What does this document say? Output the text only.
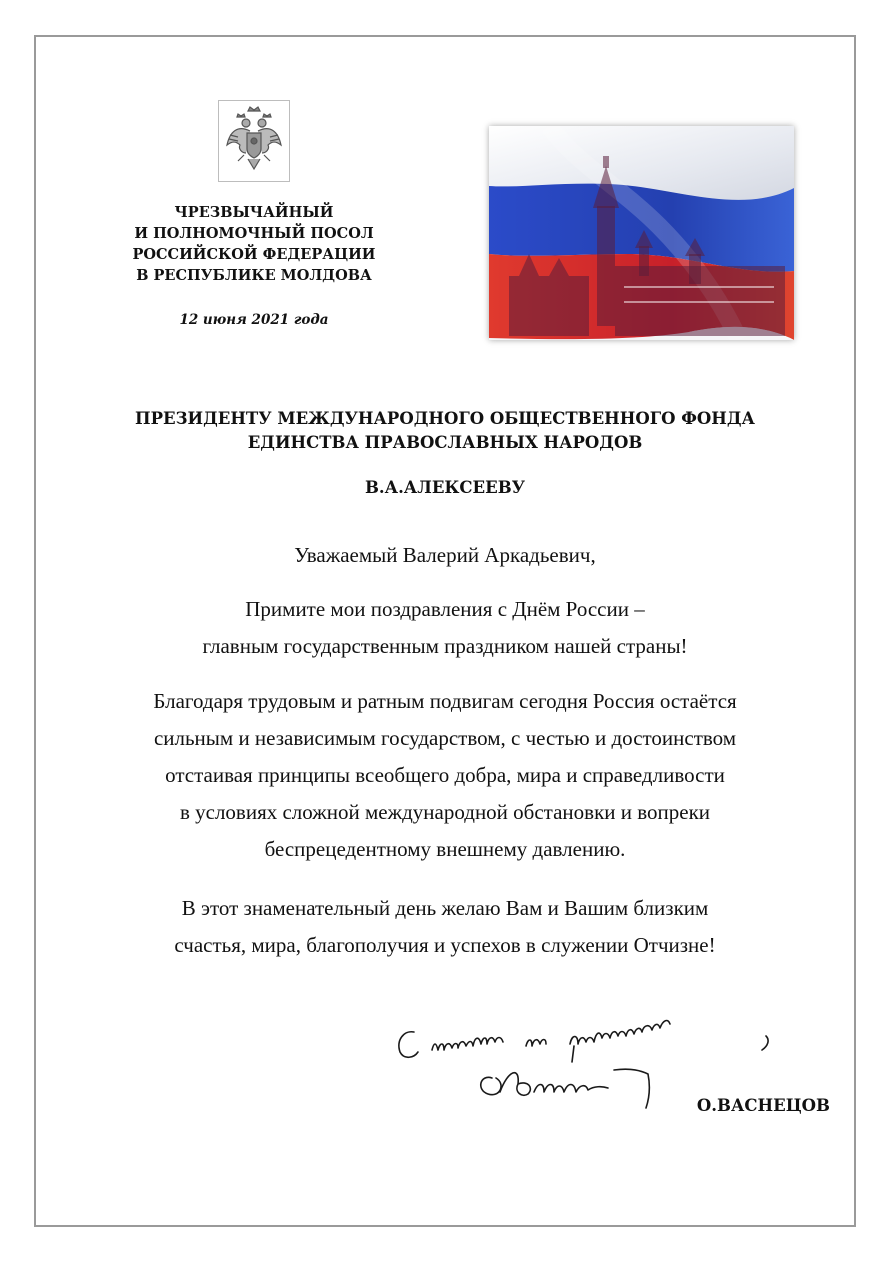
ЧРЕЗВЫЧАЙНЫЙ
И ПОЛНОМОЧНЫЙ ПОСОЛ
РОССИЙСКОЙ ФЕДЕРАЦИИ
В РЕСПУБЛИКЕ МОЛДОВА
12 июня 2021 года
ПРЕЗИДЕНТУ МЕЖДУНАРОДНОГО ОБЩЕСТВЕННОГО ФОНДА
ЕДИНСТВА ПРАВОСЛАВНЫХ НАРОДОВ
В.А.АЛЕКСЕЕВУ
Уважаемый Валерий Аркадьевич,
Примите мои поздравления с Днём России –
главным государственным праздником нашей страны!
Благодаря трудовым и ратным подвигам сегодня Россия остаётся
сильным и независимым государством, с честью и достоинством
отстаивая принципы всеобщего добра, мира и справедливости
в условиях сложной международной обстановки и вопреки
беспрецедентному внешнему давлению.
В этот знаменательный день желаю Вам и Вашим близким
счастья, мира, благополучия и успехов в служении Отчизне!
О.ВАСНЕЦОВ
